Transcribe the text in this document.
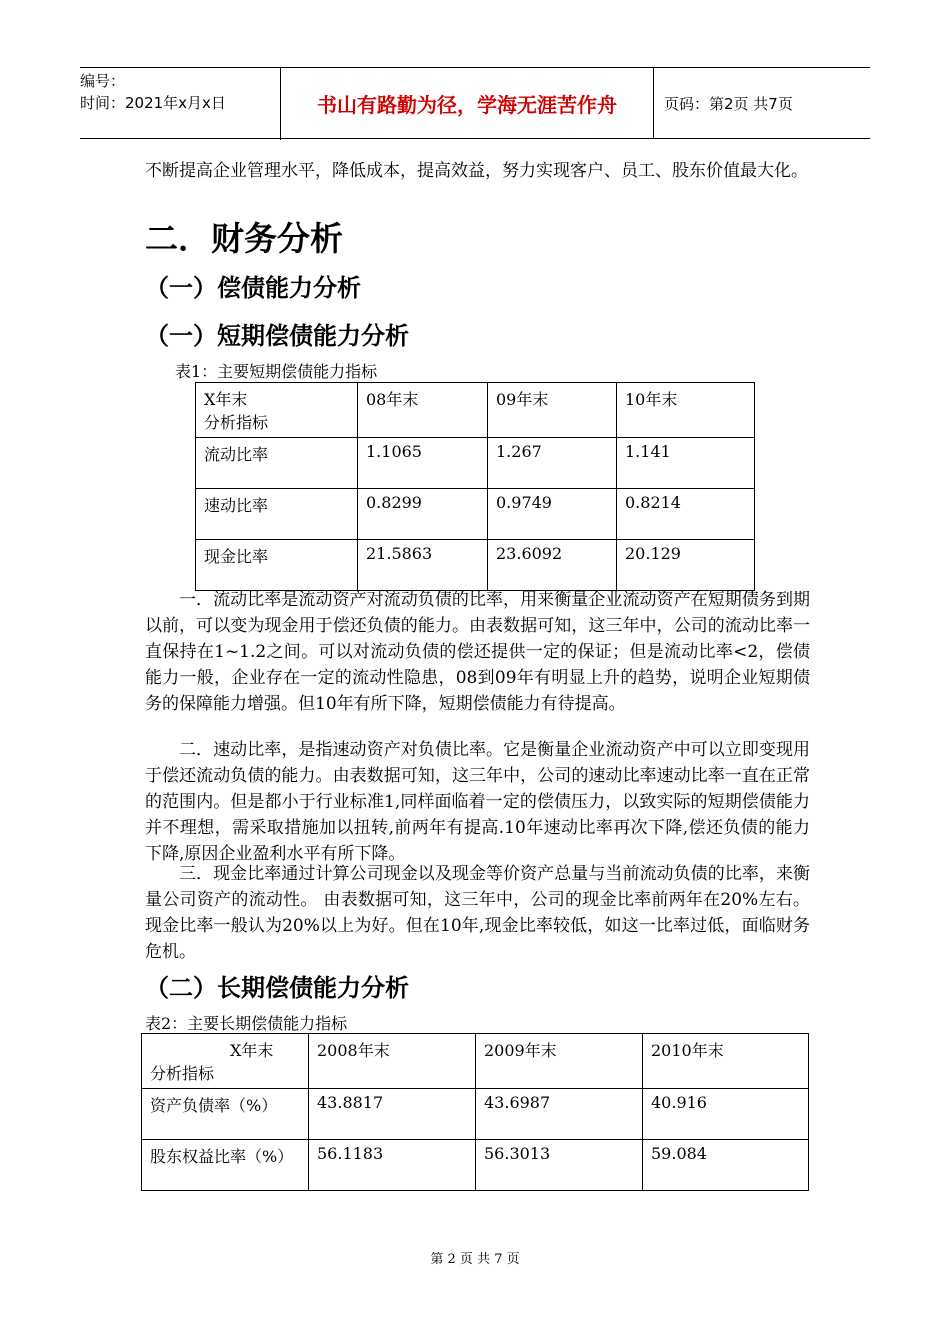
编号：
时间：2021年x月x日	书山有路勤为径，学海无涯苦作舟	页码：第2页 共7页

不断提高企业管理水平，降低成本，提高效益，努力实现客户、员工、股东价值最大化。

二．财务分析
（一）偿债能力分析
（一）短期偿债能力分析
表1：主要短期偿债能力指标
X年末
分析指标	08年末	09年末	10年末
流动比率	1.1065	1.267	1.141
速动比率	0.8299	0.9749	0.8214
现金比率	21.5863	23.6092	20.129

一．流动比率是流动资产对流动负债的比率，用来衡量企业流动资产在短期债务到期以前，可以变为现金用于偿还负债的能力。由表数据可知，这三年中，公司的流动比率一直保持在1~1.2之间。可以对流动负债的偿还提供一定的保证；但是流动比率<2，偿债能力一般，企业存在一定的流动性隐患，08到09年有明显上升的趋势，说明企业短期债务的保障能力增强。但10年有所下降，短期偿债能力有待提高。

二．速动比率，是指速动资产对负债比率。它是衡量企业流动资产中可以立即变现用于偿还流动负债的能力。由表数据可知，这三年中，公司的速动比率速动比率一直在正常的范围内。但是都小于行业标准1,同样面临着一定的偿债压力，以致实际的短期偿债能力并不理想，需采取措施加以扭转,前两年有提高.10年速动比率再次下降,偿还负债的能力下降,原因企业盈利水平有所下降。

三．现金比率通过计算公司现金以及现金等价资产总量与当前流动负债的比率，来衡量公司资产的流动性。 由表数据可知，这三年中，公司的现金比率前两年在20%左右。现金比率一般认为20%以上为好。但在10年,现金比率较低，如这一比率过低，面临财务危机。

（二）长期偿债能力分析
表2：主要长期偿债能力指标
X年末
分析指标	2008年末	2009年末	2010年末
资产负债率（%）	43.8817	43.6987	40.916
股东权益比率（%）	56.1183	56.3013	59.084
第 2 页 共 7 页
